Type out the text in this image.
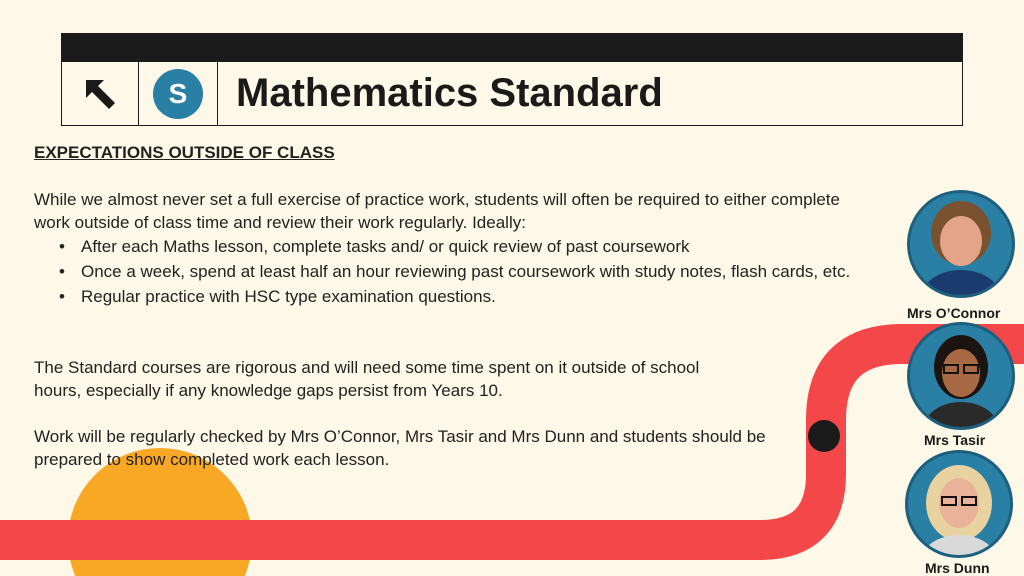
S	Mathematics Standard
EXPECTATIONS OUTSIDE OF CLASS

While we almost never set a full exercise of practice work, students will often be required to either complete work outside of class time and review their work regularly. Ideally:

• After each Maths lesson, complete tasks and/ or quick review of past coursework
• Once a week, spend at least half an hour reviewing past coursework with study notes, flash cards, etc.
• Regular practice with HSC type examination questions.

The Standard courses are rigorous and will need some time spent on it outside of school hours, especially if any knowledge gaps persist from Years 10.

Work will be regularly checked by Mrs O’Connor, Mrs Tasir and Mrs Dunn and students should be prepared to show completed work each lesson.

Mrs O’Connor
Mrs Tasir
Mrs Dunn
